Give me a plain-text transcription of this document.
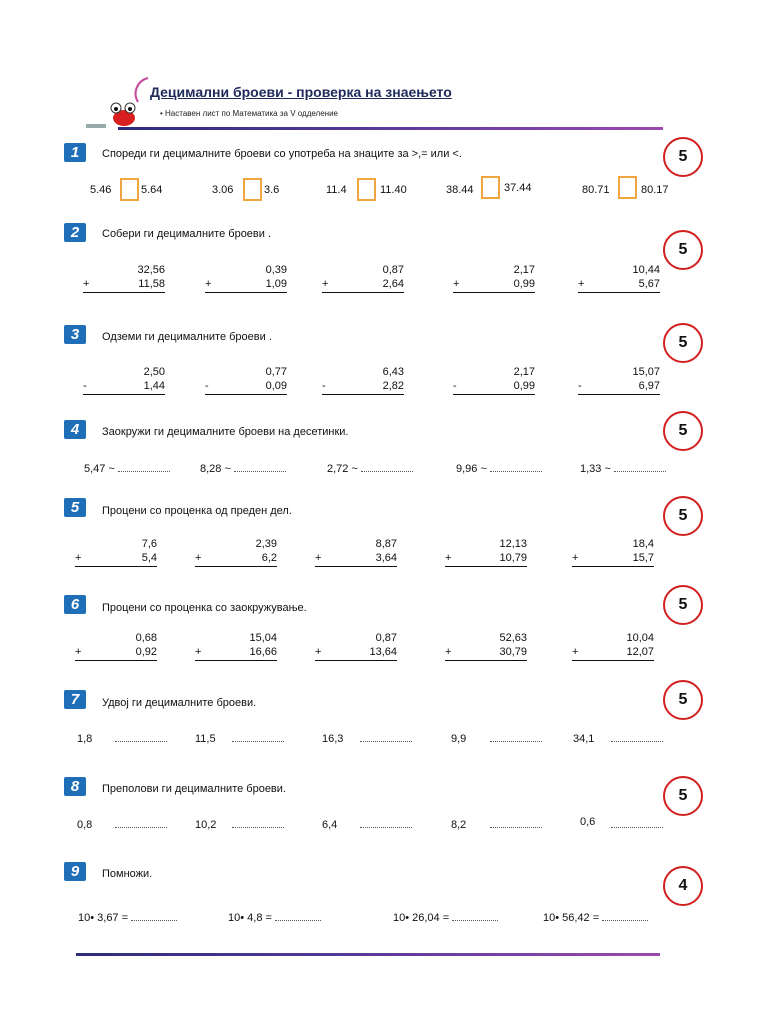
Децимални броеви - проверка на знаењето
• Наставен лист по Математика за V одделение
1	Спореди ги децималните броеви со употреба на знаците за >,= или <.	5
5.46	5.64	3.06	3.6	11.4	11.40	38.44	37.44	80.71	80.17
2	Собери ги децималните броеви .
5
32,56
+	11,58
0,39
+	1,09
0,87
+	2,64
2,17
+	0,99
10,44
+	5,67
3	Одземи ги децималните броеви .	5
2,50
-	1,44
0,77
-	0,09
6,43
-	2,82
2,17
-	0,99
15,07
-	6,97
4	Заокружи ги децималните броеви на десетинки.	5
5,47 ~	8,28 ~	2,72 ~	9,96 ~	1,33 ~
5	Процени со проценка од преден дел.	5
7,6
+	5,4
2,39
+	6,2
8,87
+	3,64
12,13
+	10,79
18,4
+	15,7
6	Процени со проценка со заокружување.	5
0,68
+	0,92
15,04
+	16,66
0,87
+	13,64
52,63
+	30,79
10,04
+	12,07
7	Удвој ги децималните броеви.	5
1,8	11,5	16,3	9,9	34,1
8	Преполови ги децималните броеви.	5
0,8	10,2	6,4	8,2	0,6
9	Помножи.
4
10• 3,67 =	10• 4,8 =	10• 26,04 =	10• 56,42 =
